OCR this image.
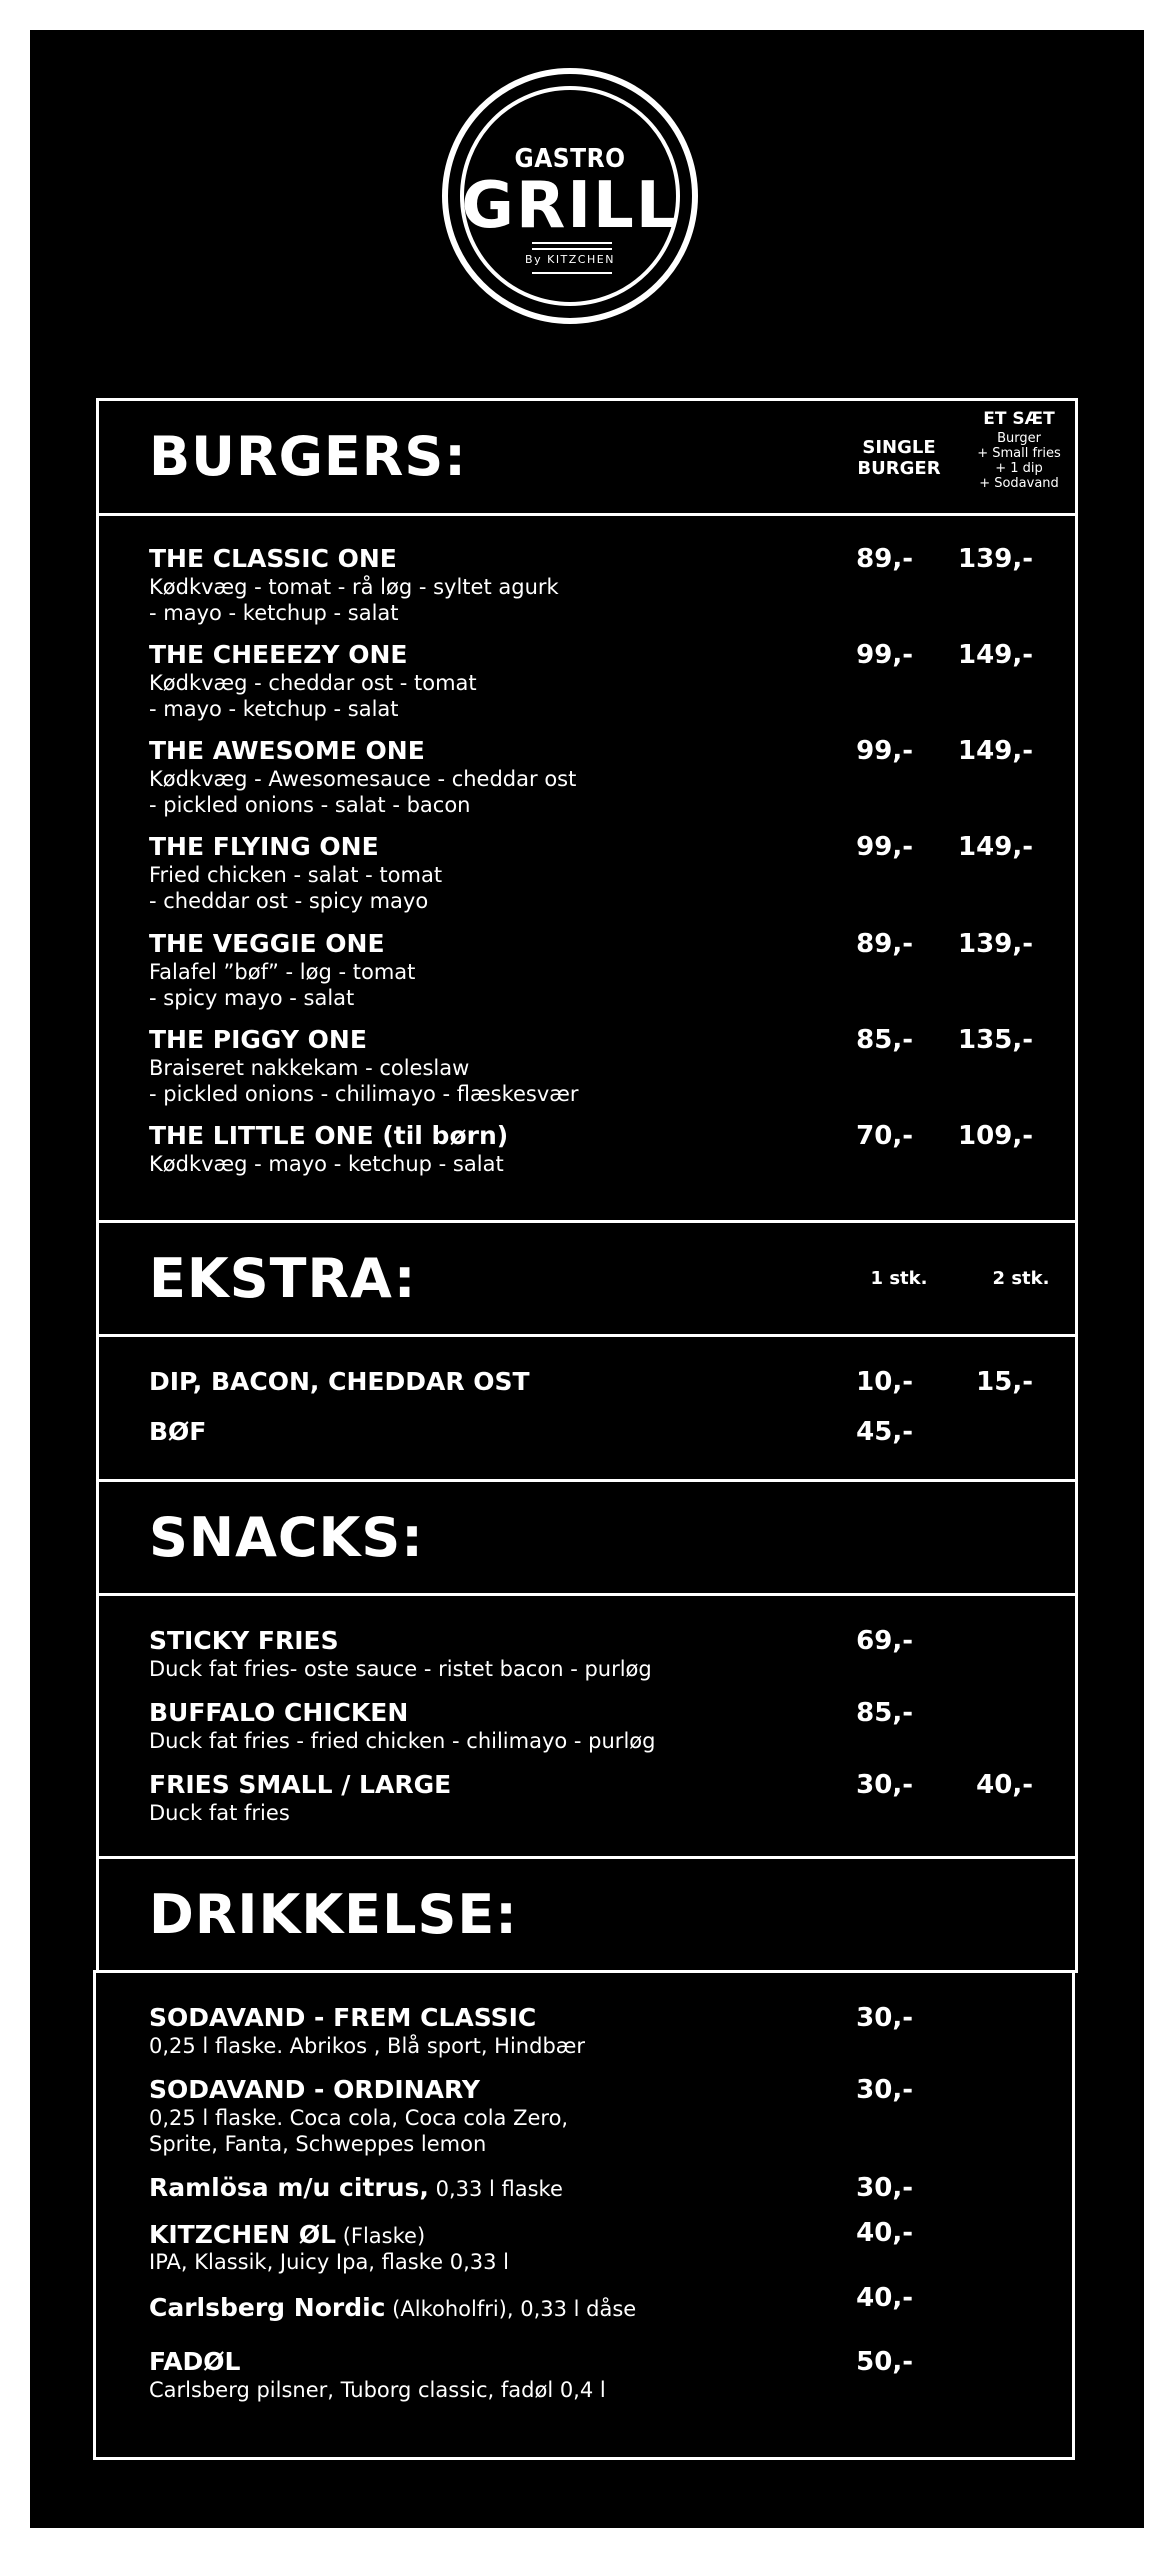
GASTRO
GRILL
By KITZCHEN
BURGERS:	SINGLE
BURGER
ET SÆT
Burger
+ Small fries
+ 1 dip
+ Sodavand
THE CLASSIC ONE
Kødkvæg - tomat - rå løg - syltet agurk
- mayo - ketchup - salat
89,- 139,-
THE CHEEEZY ONE
Kødkvæg - cheddar ost - tomat
- mayo - ketchup - salat
99,- 149,-
THE AWESOME ONE
Kødkvæg - Awesomesauce - cheddar ost
- pickled onions - salat - bacon
99,- 149,-
THE FLYING ONE
Fried chicken - salat - tomat
- cheddar ost - spicy mayo
99,- 149,-
THE VEGGIE ONE
Falafel ”bøf” - løg - tomat
- spicy mayo - salat
89,- 139,-
THE PIGGY ONE
Braiseret nakkekam - coleslaw
- pickled onions - chilimayo - flæskesvær
85,- 135,-
THE LITTLE ONE (til børn)
Kødkvæg - mayo - ketchup - salat
70,- 109,-
EKSTRA:	1 stk.	2 stk.
DIP, BACON, CHEDDAR OST	10,-	15,-
BØF	45,-
SNACKS:
STICKY FRIES
Duck fat fries- oste sauce - ristet bacon - purløg
69,-
BUFFALO CHICKEN
Duck fat fries - fried chicken - chilimayo - purløg
85,-
FRIES SMALL / LARGE
Duck fat fries
30,-	40,-
DRIKKELSE:
SODAVAND - FREM CLASSIC
0,25 l flaske. Abrikos , Blå sport, Hindbær
30,-
SODAVAND - ORDINARY
0,25 l flaske. Coca cola, Coca cola Zero,
Sprite, Fanta, Schweppes lemon
30,-
Ramlösa m/u citrus, 0,33 l flaske	30,-
KITZCHEN ØL (Flaske)
IPA, Klassik, Juicy Ipa, flaske 0,33 l
40,-
Carlsberg Nordic (Alkoholfri), 0,33 l dåse	40,-
FADØL
Carlsberg pilsner, Tuborg classic, fadøl 0,4 l
50,-
